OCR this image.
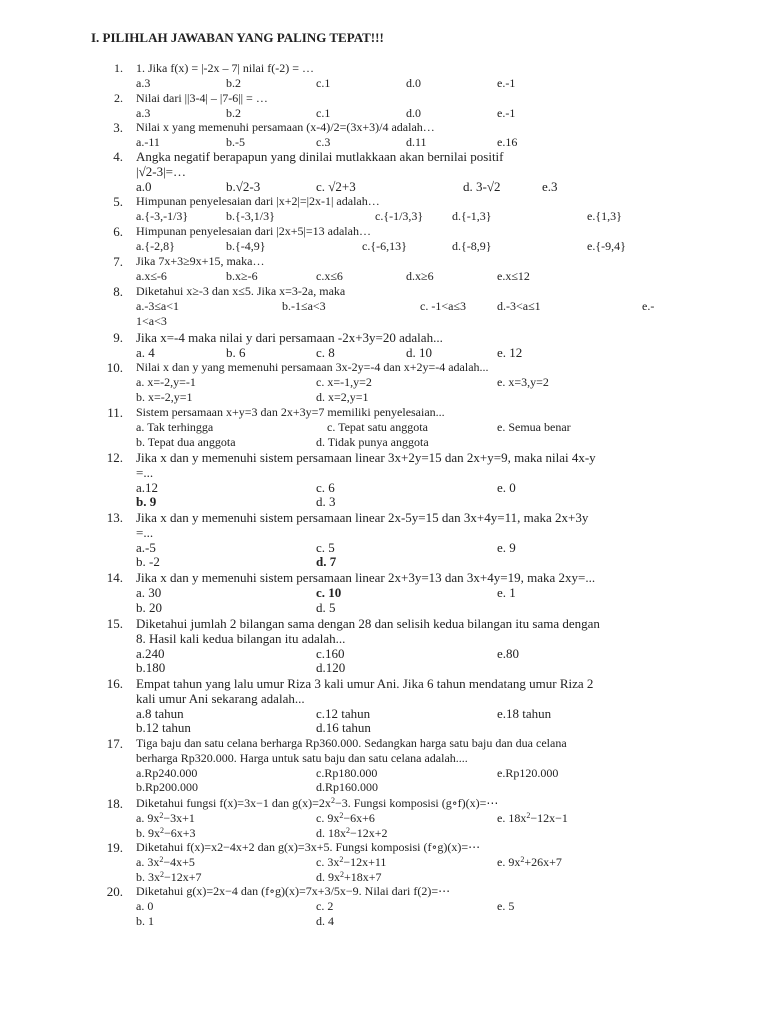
I. PILIHLAH JAWABAN YANG PALING TEPAT!!!
1. 1. Jika f(x) = |-2x – 7| nilai f(-2) = …
a.3	b.2	c.1	d.0	e.-1
2. Nilai dari ||3-4| – |7-6|| = …
a.3	b.2	c.1	d.0	e.-1
3. Nilai x yang memenuhi persamaan (x-4)/2=(3x+3)/4 adalah…
a.-11	b.-5	c.3	d.11	e.16
4. Angka negatif berapapun yang dinilai mutlakkaan akan bernilai positif
|√2-3|=…
a.0	b.√2-3	c. √2+3	d. 3-√2	e.3
5. Himpunan penyelesaian dari |x+2|=|2x-1| adalah…
a.{-3,-1/3}	b.{-3,1/3}	c.{-1/3,3} d.{-1,3}	e.{1,3}
6. Himpunan penyelesaian dari |2x+5|=13 adalah…
a.{-2,8}	b.{-4,9}	c.{-6,13}	d.{-8,9}	e.{-9,4}
7. Jika 7x+3≥9x+15, maka…
a.x≤-6	b.x≥-6	c.x≤6	d.x≥6	e.x≤12
8. Diketahui x≥-3 dan x≤5. Jika x=3-2a, maka
a.-3≤a<1	b.-1≤a<3	c. -1<a≤3	d.-3<a≤1	e.-
1<a<3
9. Jika x=-4 maka nilai y dari persamaan -2x+3y=20 adalah...
a. 4	b. 6	c. 8	d. 10	e. 12
10. Nilai x dan y yang memenuhi persamaan 3x-2y=-4 dan x+2y=-4 adalah...
a. x=-2,y=-1	c. x=-1,y=2	e. x=3,y=2
b. x=-2,y=1	d. x=2,y=1
11. Sistem persamaan x+y=3 dan 2x+3y=7 memiliki penyelesaian...
a. Tak terhingga	c. Tepat satu anggota	e. Semua benar
b. Tepat dua anggota	d. Tidak punya anggota
12. Jika x dan y memenuhi sistem persamaan linear 3x+2y=15 dan 2x+y=9, maka nilai 4x-y
=...
a.12	c. 6	e. 0
b. 9	d. 3
13. Jika x dan y memenuhi sistem persamaan linear 2x-5y=15 dan 3x+4y=11, maka 2x+3y
=...
a.-5	c. 5	e. 9
b. -2	d. 7
14. Jika x dan y memenuhi sistem persamaan linear 2x+3y=13 dan 3x+4y=19, maka 2xy=...
a. 30	c. 10	e. 1
b. 20	d. 5
15. Diketahui jumlah 2 bilangan sama dengan 28 dan selisih kedua bilangan itu sama dengan
8. Hasil kali kedua bilangan itu adalah...
a.240	c.160	e.80
b.180	d.120
16. Empat tahun yang lalu umur Riza 3 kali umur Ani. Jika 6 tahun mendatang umur Riza 2
kali umur Ani sekarang adalah...
a.8 tahun	c.12 tahun	e.18 tahun
b.12 tahun	d.16 tahun
17. Tiga baju dan satu celana berharga Rp360.000. Sedangkan harga satu baju dan dua celana
berharga Rp320.000. Harga untuk satu baju dan satu celana adalah....
a.Rp240.000	c.Rp180.000	e.Rp120.000
b.Rp200.000	d.Rp160.000
18. Diketahui fungsi f(x)=3x−1 dan $g(x)=2x^2-3$. Fungsi komposisi (g∘f)(x)=⋯
a. $9x^2-3x+1$	c. $9x^2-6x+6$	e. $18x^2-12x-1$
b. $9x^2-6x+3$	d. $18x^2-12x+2$
19. Diketahui f(x)=x2−4x+2 dan g(x)=3x+5. Fungsi komposisi (f∘g)(x)=⋯
a. $3x^2-4x+5$	c. $3x^2-12x+11$	e. $9x^2+26x+7$
b. $3x^2-12x+7$	d. $9x^2+18x+7$
20. Diketahui g(x)=2x−4 dan (f∘g)(x)=7x+3/5x−9. Nilai dari f(2)=⋯
a. 0	c. 2	e. 5
b. 1	d. 4
